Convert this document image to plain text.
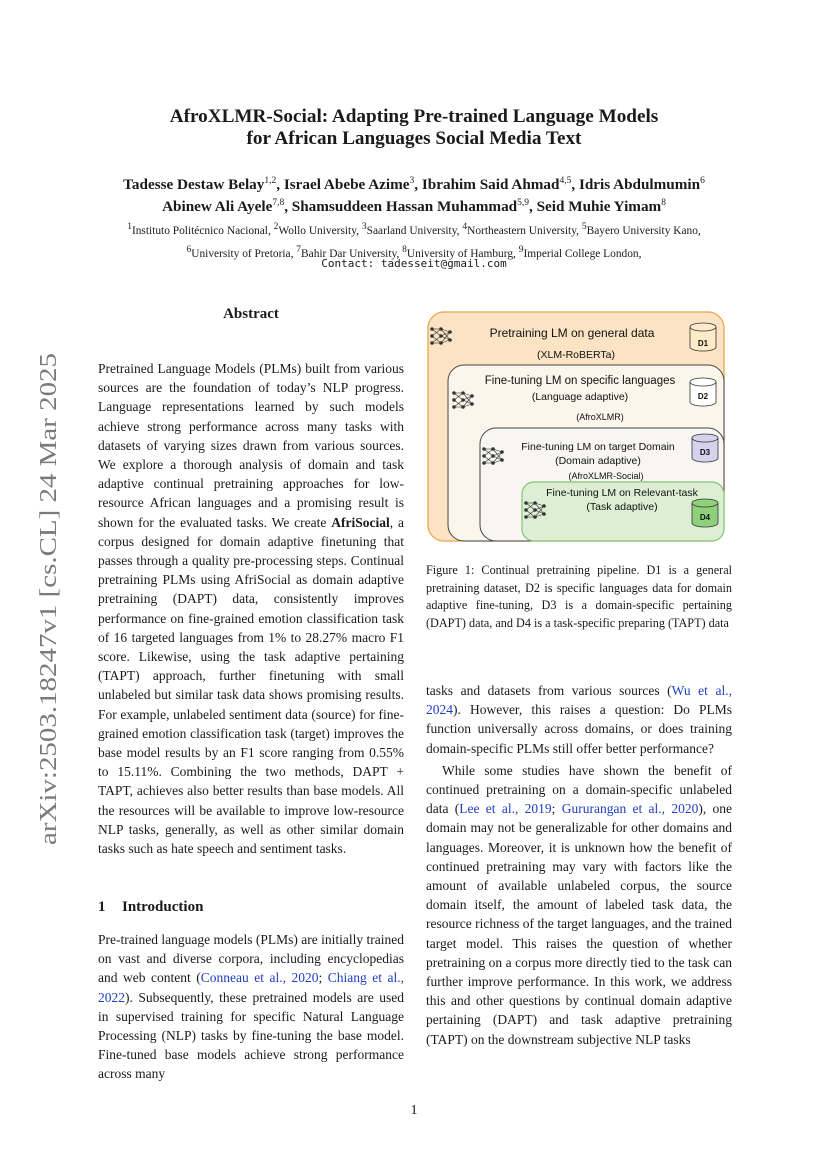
arXiv:2503.18247v1 [cs.CL] 24 Mar 2025
AfroXLMR-Social: Adapting Pre-trained Language Models
for African Languages Social Media Text
Tadesse Destaw Belay$^{1,2}$, Israel Abebe Azime$^3$, Ibrahim Said Ahmad$^{4,5}$, Idris Abdulmumin$^6$
Abinew Ali Ayele$^{7,8}$, Shamsuddeen Hassan Muhammad$^{5,9}$, Seid Muhie Yimam$^8$
$^1$Instituto Politécnico Nacional, $^2$Wollo University, $^3$Saarland University, $^4$Northeastern University, $^5$Bayero University Kano,
$^6$University of Pretoria, $^7$Bahir Dar University, $^8$University of Hamburg, $^9$Imperial College London,
Contact: tadesseit@gmail.com
Abstract

Pretrained Language Models (PLMs) built from various sources are the foundation of today’s NLP progress. Language representations learned by such models achieve strong performance across many tasks with datasets of varying sizes drawn from various sources. We explore a thorough analysis of domain and task adaptive continual pretraining approaches for low-resource African languages and a promising result is shown for the evaluated tasks. We create AfriSocial, a corpus designed for domain adaptive finetuning that passes through a quality pre-processing steps. Continual pretraining PLMs using AfriSocial as domain adaptive pretraining (DAPT) data, consistently improves performance on fine-grained emotion classification task of 16 targeted languages from 1% to 28.27% macro F1 score. Likewise, using the task adaptive pertaining (TAPT) approach, further finetuning with small unlabeled but similar task data shows promising results. For example, unlabeled sentiment data (source) for fine-grained emotion classification task (target) improves the base model results by an F1 score ranging from 0.55% to 15.11%. Combining the two methods, DAPT + TAPT, achieves also better results than base models. All the resources will be available to improve low-resource NLP tasks, generally, as well as other similar domain tasks such as hate speech and sentiment tasks.

1 Introduction

Pre-trained language models (PLMs) are initially trained on vast and diverse corpora, including encyclopedias and web content (Conneau et al., 2020; Chiang et al., 2022). Subsequently, these pretrained models are used in supervised training for specific Natural Language Processing (NLP) tasks by fine-tuning the base model. Fine-tuned base models achieve strong performance across many

D1
D2
D3
D4
Pretraining LM on general data
(XLM-RoBERTa)
Fine-tuning LM on specific languages
(Language adaptive)
(AfroXLMR)
Fine-tuning LM on target Domain
(Domain adaptive)
(AfroXLMR-Social)
Fine-tuning LM on Relevant-task
(Task adaptive)
Figure 1: Continual pretraining pipeline. D1 is a general pretraining dataset, D2 is specific languages data for domain adaptive fine-tuning, D3 is a domain-specific pertaining (DAPT) data, and D4 is a task-specific preparing (TAPT) data

tasks and datasets from various sources (Wu et al., 2024). However, this raises a question: Do PLMs function universally across domains, or does training domain-specific PLMs still offer better performance?

While some studies have shown the benefit of continued pretraining on a domain-specific unlabeled data (Lee et al., 2019; Gururangan et al., 2020), one domain may not be generalizable for other domains and languages. Moreover, it is unknown how the benefit of continued pretraining may vary with factors like the amount of available unlabeled corpus, the source domain itself, the amount of labeled task data, the resource richness of the target languages, and the trained target model. This raises the question of whether pretraining on a corpus more directly tied to the task can further improve performance. In this work, we address this and other questions by continual domain adaptive pertaining (DAPT) and task adaptive pretraining (TAPT) on the downstream subjective NLP tasks

1
